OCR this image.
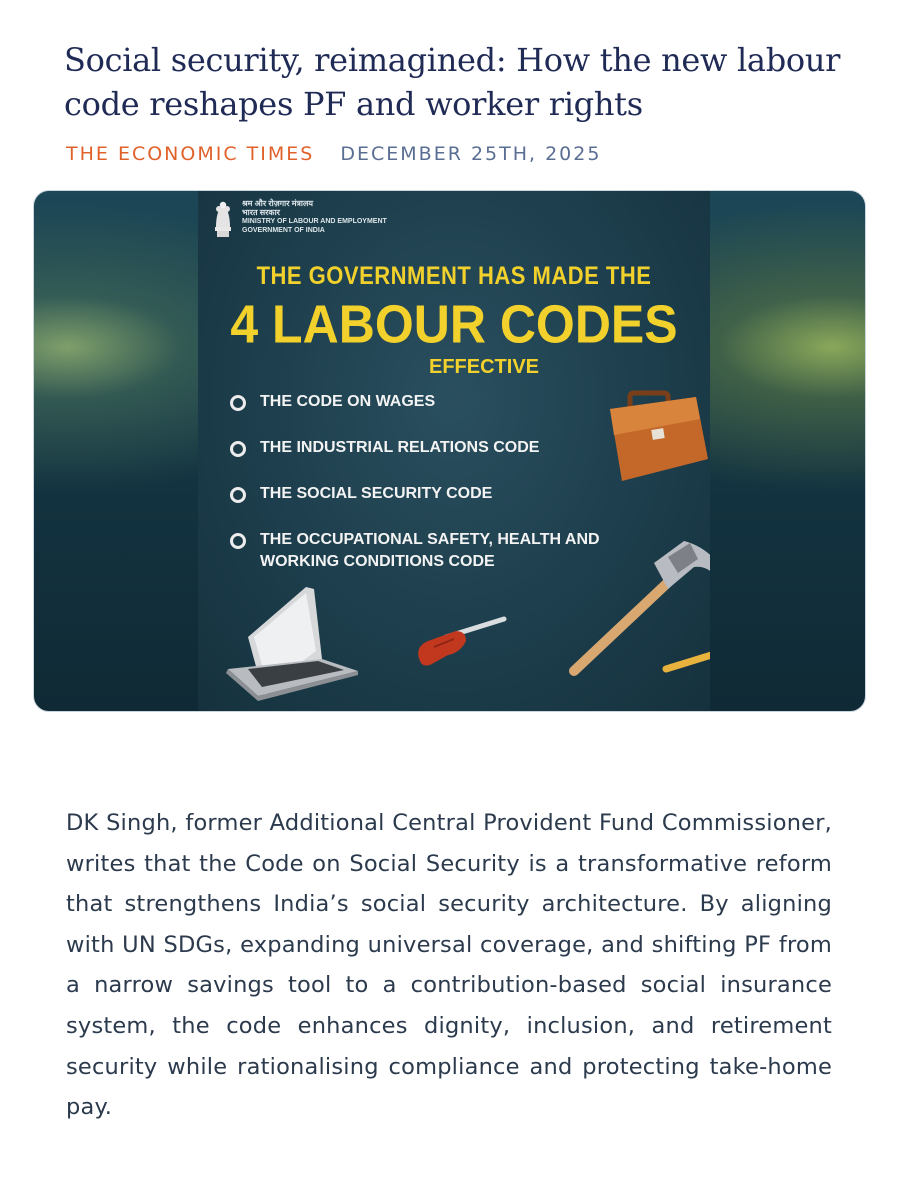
Social security, reimagined: How the new labour code reshapes PF and worker rights
THE ECONOMIC TIMES DECEMBER 25TH, 2025
श्रम और रोज़गार मंत्रालय
भारत सरकार
MINISTRY OF LABOUR AND EMPLOYMENT
GOVERNMENT OF INDIA
THE GOVERNMENT HAS MADE THE
4 LABOUR CODES
EFFECTIVE
THE CODE ON WAGES
THE INDUSTRIAL RELATIONS CODE
THE SOCIAL SECURITY CODE
THE OCCUPATIONAL SAFETY, HEALTH AND WORKING CONDITIONS CODE

DK Singh, former Additional Central Provident Fund Commissioner, writes that the Code on Social Security is a transformative reform that strengthens India’s social security architecture. By aligning with UN SDGs, expanding universal coverage, and shifting PF from a narrow savings tool to a contribution-based social insurance system, the code enhances dignity, inclusion, and retirement security while rationalising compliance and protecting take-home pay.
